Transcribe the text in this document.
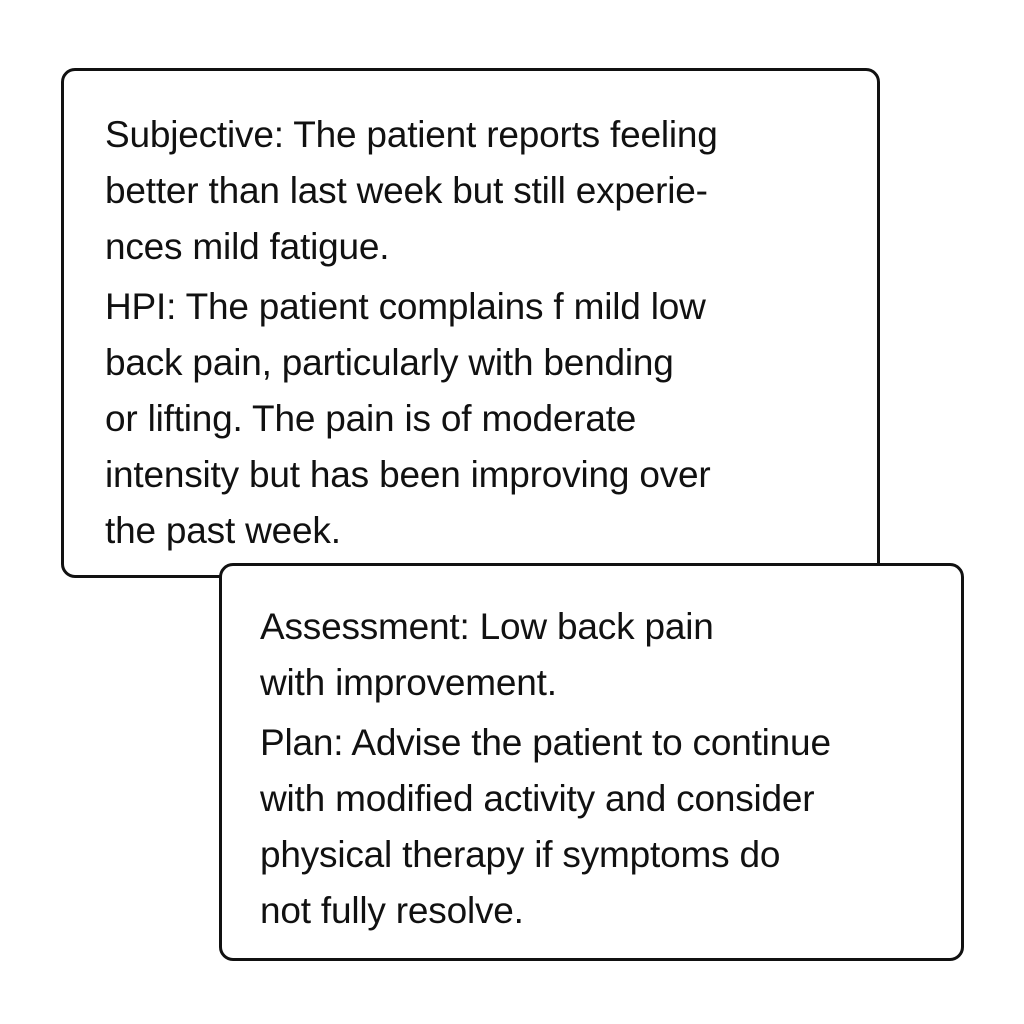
Subjective: The patient reports feeling
better than last week but still experie-
nces mild fatigue.
HPI: The patient complains f mild low
back pain, particularly with bending
or lifting. The pain is of moderate
intensity but has been improving over
the past week.
Assessment: Low back pain
with improvement.
Plan: Advise the patient to continue
with modified activity and consider
physical therapy if symptoms do
not fully resolve.
